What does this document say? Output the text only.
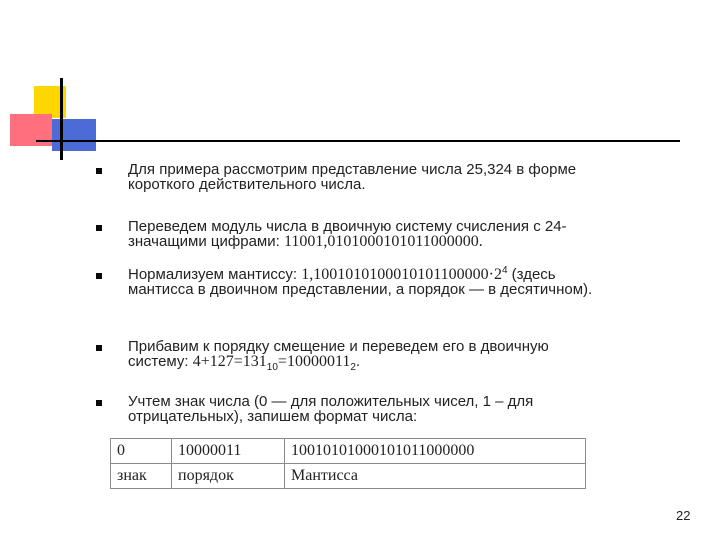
Для примера рассмотрим представление числа 25,324 в форме короткого действительного числа.
Переведем модуль числа в двоичную систему счисления с 24-значащими цифрами: 11001,0101000101011000000.
Нормализуем мантиссу: $1,1001010100010101100000\cdot 2^4$ (здесь мантисса в двоичном представлении, а порядок — в десятичном).
Прибавим к порядку смещение и переведем его в двоичную систему: $4+127=131_{10}=10000011_2$.
Учтем знак числа (0 — для положительных чисел, 1 – для отрицательных), запишем формат числа:
0	10000011	10010101000101011000000
знак	порядок	Мантисса
22
